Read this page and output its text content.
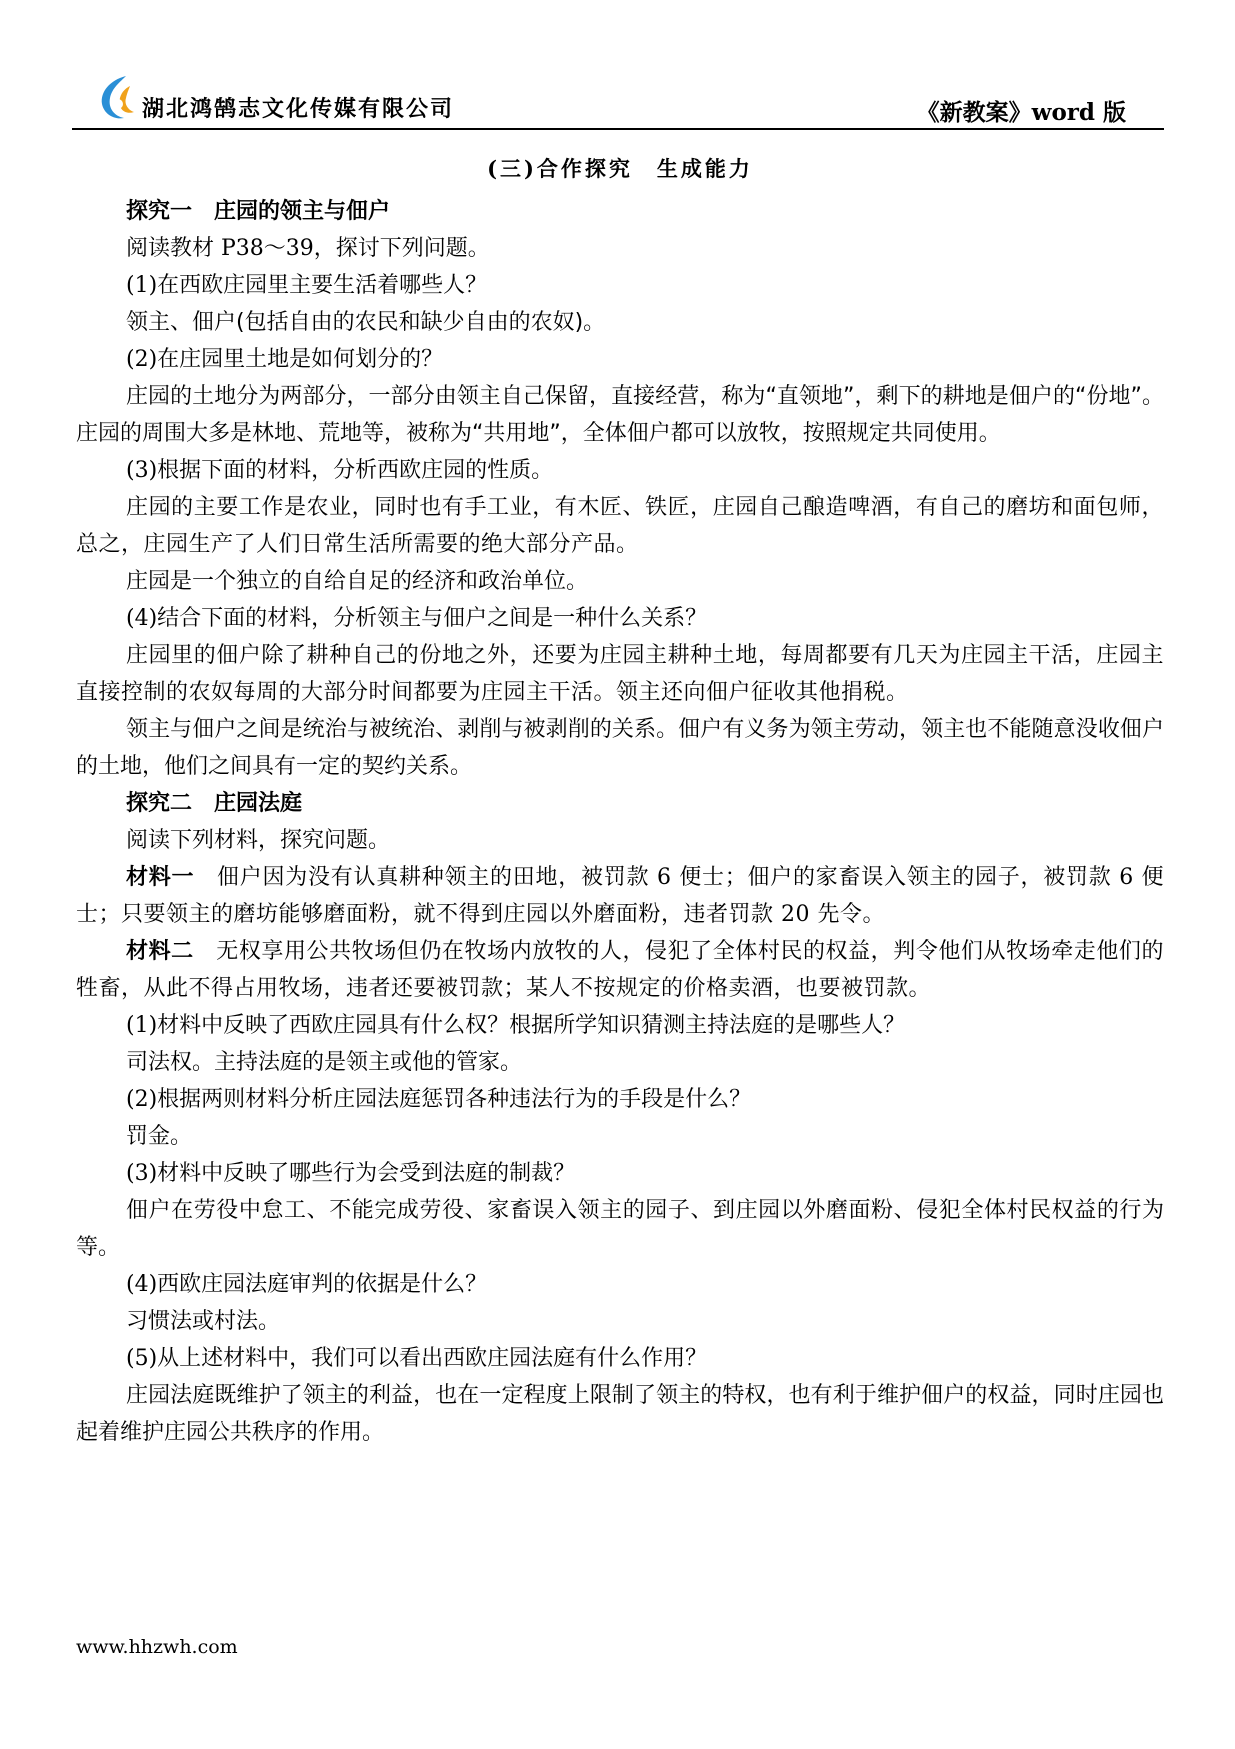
湖北鸿鹄志文化传媒有限公司	《新教案》word 版
(三)合作探究　生成能力

探究一　庄园的领主与佃户

阅读教材 P38～39，探讨下列问题。

(1)在西欧庄园里主要生活着哪些人？

领主、佃户(包括自由的农民和缺少自由的农奴)。

(2)在庄园里土地是如何划分的？

庄园的土地分为两部分，一部分由领主自己保留，直接经营，称为“直领地”，剩下的耕地是佃户的“份地”。庄园的周围大多是林地、荒地等，被称为“共用地”，全体佃户都可以放牧，按照规定共同使用。

(3)根据下面的材料，分析西欧庄园的性质。

庄园的主要工作是农业，同时也有手工业，有木匠、铁匠，庄园自己酿造啤酒，有自己的磨坊和面包师，总之，庄园生产了人们日常生活所需要的绝大部分产品。

庄园是一个独立的自给自足的经济和政治单位。

(4)结合下面的材料，分析领主与佃户之间是一种什么关系？

庄园里的佃户除了耕种自己的份地之外，还要为庄园主耕种土地，每周都要有几天为庄园主干活，庄园主直接控制的农奴每周的大部分时间都要为庄园主干活。领主还向佃户征收其他捐税。

领主与佃户之间是统治与被统治、剥削与被剥削的关系。佃户有义务为领主劳动，领主也不能随意没收佃户的土地，他们之间具有一定的契约关系。

探究二　庄园法庭

阅读下列材料，探究问题。

材料一　佃户因为没有认真耕种领主的田地，被罚款 6 便士；佃户的家畜误入领主的园子，被罚款 6 便士；只要领主的磨坊能够磨面粉，就不得到庄园以外磨面粉，违者罚款 20 先令。

材料二　无权享用公共牧场但仍在牧场内放牧的人，侵犯了全体村民的权益，判令他们从牧场牵走他们的牲畜，从此不得占用牧场，违者还要被罚款；某人不按规定的价格卖酒，也要被罚款。

(1)材料中反映了西欧庄园具有什么权？根据所学知识猜测主持法庭的是哪些人？

司法权。主持法庭的是领主或他的管家。

(2)根据两则材料分析庄园法庭惩罚各种违法行为的手段是什么？

罚金。

(3)材料中反映了哪些行为会受到法庭的制裁？

佃户在劳役中怠工、不能完成劳役、家畜误入领主的园子、到庄园以外磨面粉、侵犯全体村民权益的行为等。

(4)西欧庄园法庭审判的依据是什么？

习惯法或村法。

(5)从上述材料中，我们可以看出西欧庄园法庭有什么作用？

庄园法庭既维护了领主的利益，也在一定程度上限制了领主的特权，也有利于维护佃户的权益，同时庄园也起着维护庄园公共秩序的作用。

www.hhzwh.com
